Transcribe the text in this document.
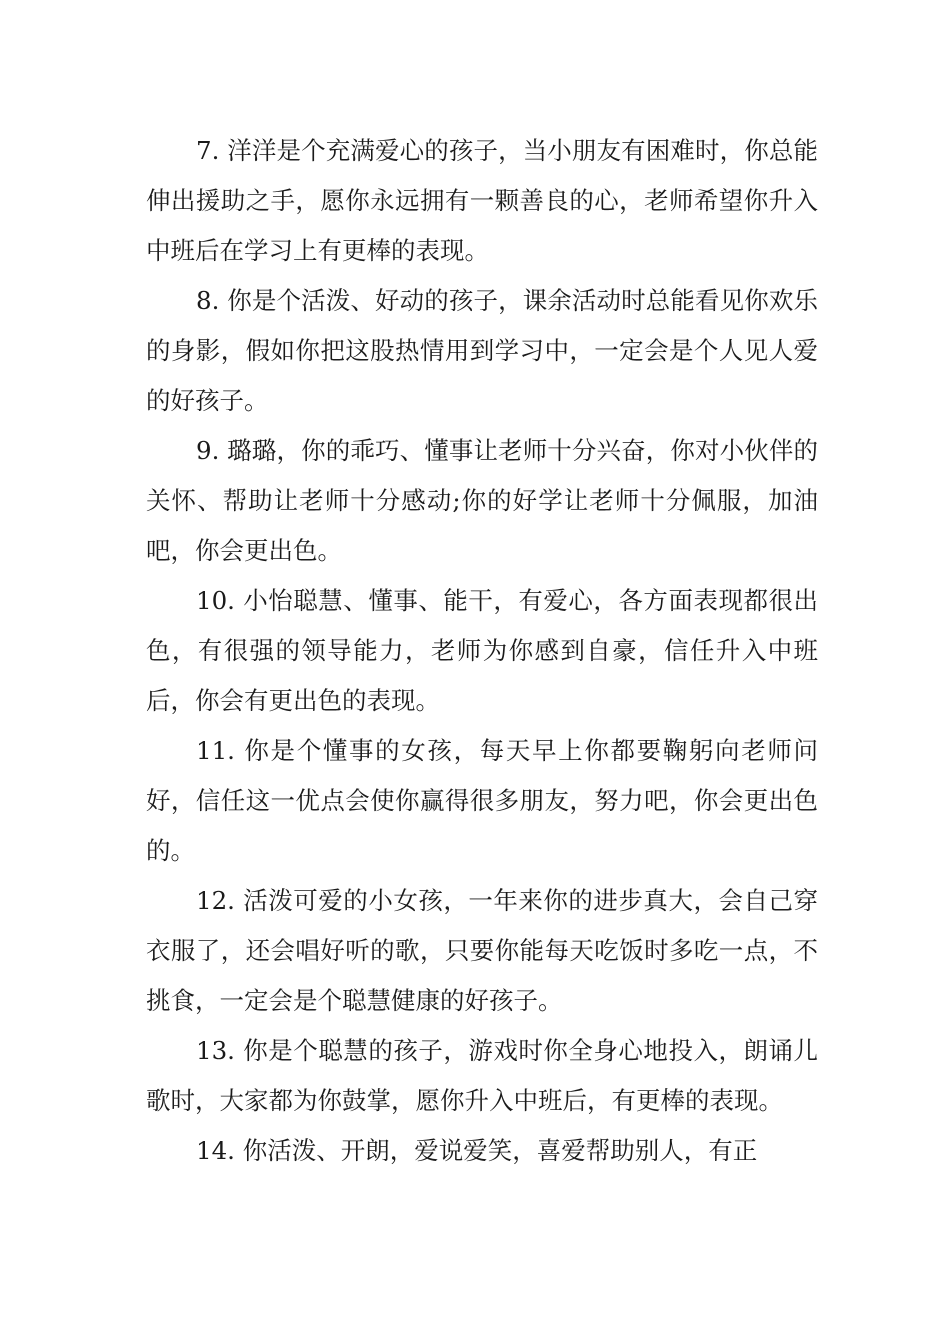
7. 洋洋是个充满爱心的孩子，当小朋友有困难时，你总能伸出援助之手，愿你永远拥有一颗善良的心，老师希望你升入中班后在学习上有更棒的表现。

8. 你是个活泼、好动的孩子，课余活动时总能看见你欢乐的身影，假如你把这股热情用到学习中，一定会是个人见人爱的好孩子。

9. 璐璐，你的乖巧、懂事让老师十分兴奋，你对小伙伴的关怀、帮助让老师十分感动;你的好学让老师十分佩服，加油吧，你会更出色。

10. 小怡聪慧、懂事、能干，有爱心，各方面表现都很出色，有很强的领导能力，老师为你感到自豪，信任升入中班后，你会有更出色的表现。

11. 你是个懂事的女孩，每天早上你都要鞠躬向老师问好，信任这一优点会使你赢得很多朋友，努力吧，你会更出色的。

12. 活泼可爱的小女孩，一年来你的进步真大，会自己穿衣服了，还会唱好听的歌，只要你能每天吃饭时多吃一点，不挑食，一定会是个聪慧健康的好孩子。

13. 你是个聪慧的孩子，游戏时你全身心地投入，朗诵儿歌时，大家都为你鼓掌，愿你升入中班后，有更棒的表现。

14. 你活泼、开朗，爱说爱笑，喜爱帮助别人，有正
